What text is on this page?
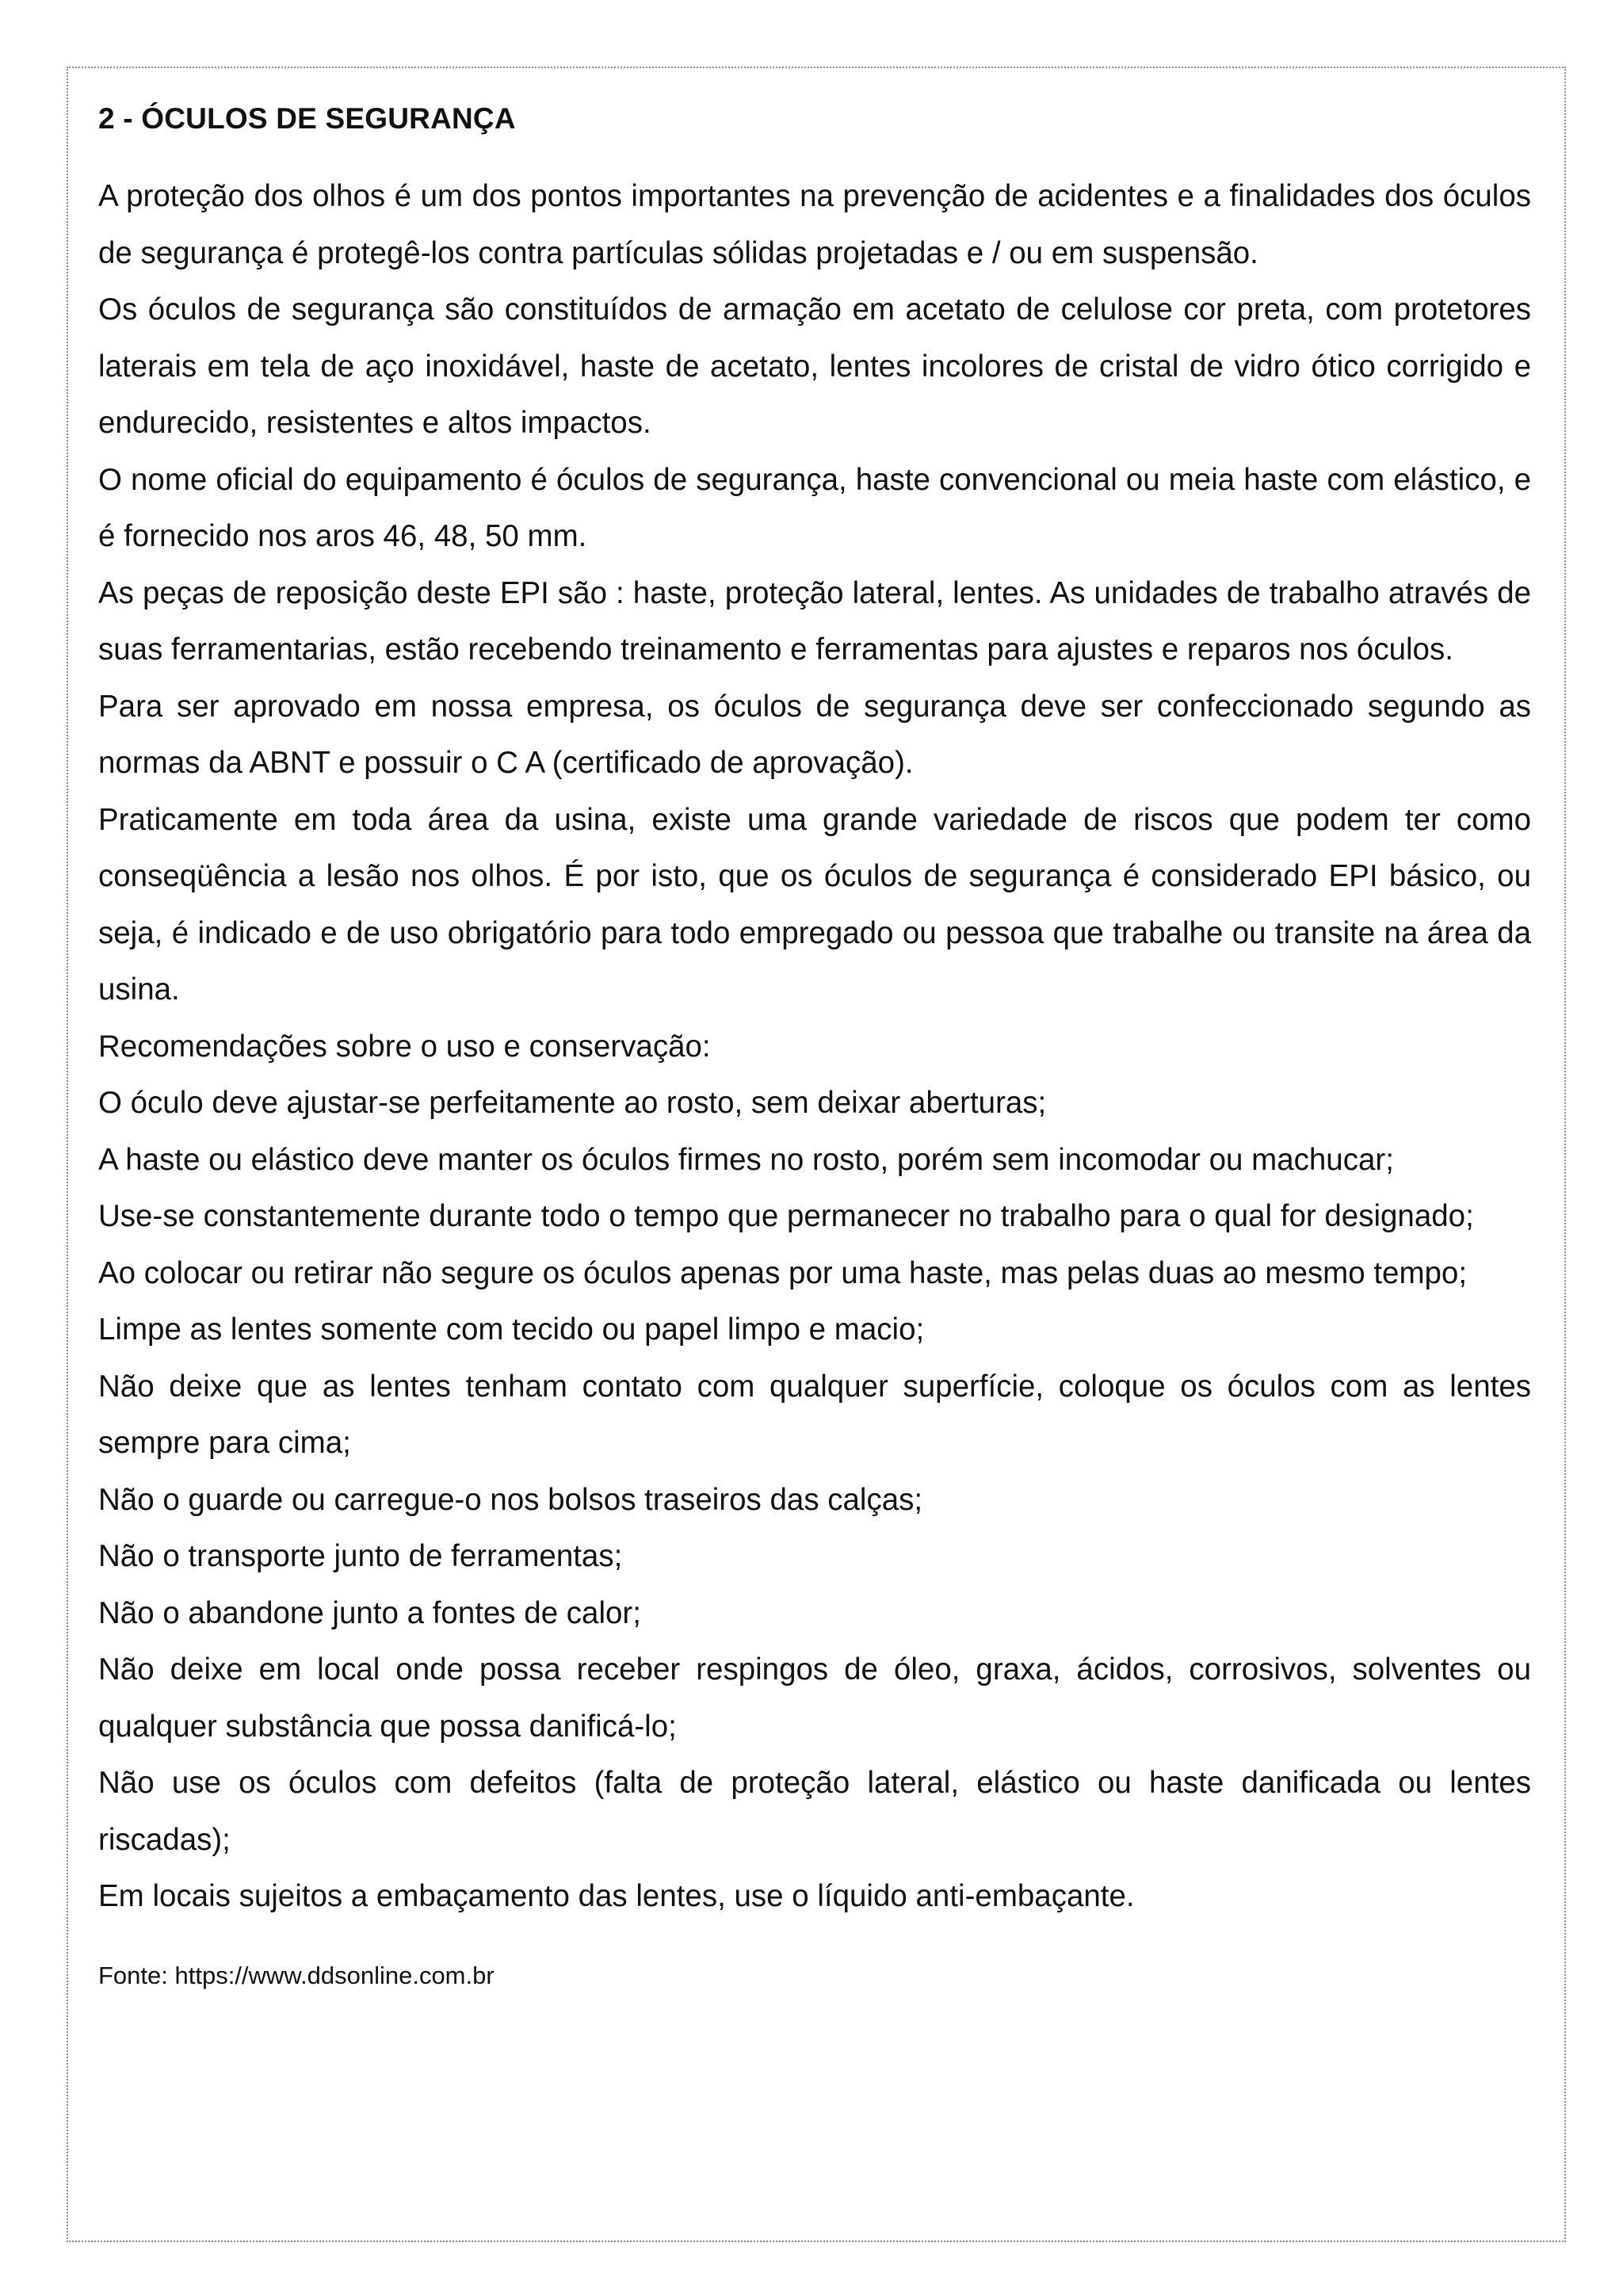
2 - ÓCULOS DE SEGURANÇA

A proteção dos olhos é um dos pontos importantes na prevenção de acidentes e a finalidades dos óculos de segurança é protegê-los contra partículas sólidas projetadas e / ou em suspensão.

Os óculos de segurança são constituídos de armação em acetato de celulose cor preta, com protetores laterais em tela de aço inoxidável, haste de acetato, lentes incolores de cristal de vidro ótico corrigido e endurecido, resistentes e altos impactos.

O nome oficial do equipamento é óculos de segurança, haste convencional ou meia haste com elástico, e é fornecido nos aros 46, 48, 50 mm.

As peças de reposição deste EPI são : haste, proteção lateral, lentes. As unidades de trabalho através de suas ferramentarias, estão recebendo treinamento e ferramentas para ajustes e reparos nos óculos.

Para ser aprovado em nossa empresa, os óculos de segurança deve ser confeccionado segundo as normas da ABNT e possuir o C A (certificado de aprovação).

Praticamente em toda área da usina, existe uma grande variedade de riscos que podem ter como conseqüência a lesão nos olhos. É por isto, que os óculos de segurança é considerado EPI básico, ou seja, é indicado e de uso obrigatório para todo empregado ou pessoa que trabalhe ou transite na área da usina.

Recomendações sobre o uso e conservação:

O óculo deve ajustar-se perfeitamente ao rosto, sem deixar aberturas;

A haste ou elástico deve manter os óculos firmes no rosto, porém sem incomodar ou machucar;

Use-se constantemente durante todo o tempo que permanecer no trabalho para o qual for designado;

Ao colocar ou retirar não segure os óculos apenas por uma haste, mas pelas duas ao mesmo tempo;

Limpe as lentes somente com tecido ou papel limpo e macio;

Não deixe que as lentes tenham contato com qualquer superfície, coloque os óculos com as lentes sempre para cima;

Não o guarde ou carregue-o nos bolsos traseiros das calças;

Não o transporte junto de ferramentas;

Não o abandone junto a fontes de calor;

Não deixe em local onde possa receber respingos de óleo, graxa, ácidos, corrosivos, solventes ou qualquer substância que possa danificá-lo;

Não use os óculos com defeitos (falta de proteção lateral, elástico ou haste danificada ou lentes riscadas);

Em locais sujeitos a embaçamento das lentes, use o líquido anti-embaçante.

Fonte: https://www.ddsonline.com.br
